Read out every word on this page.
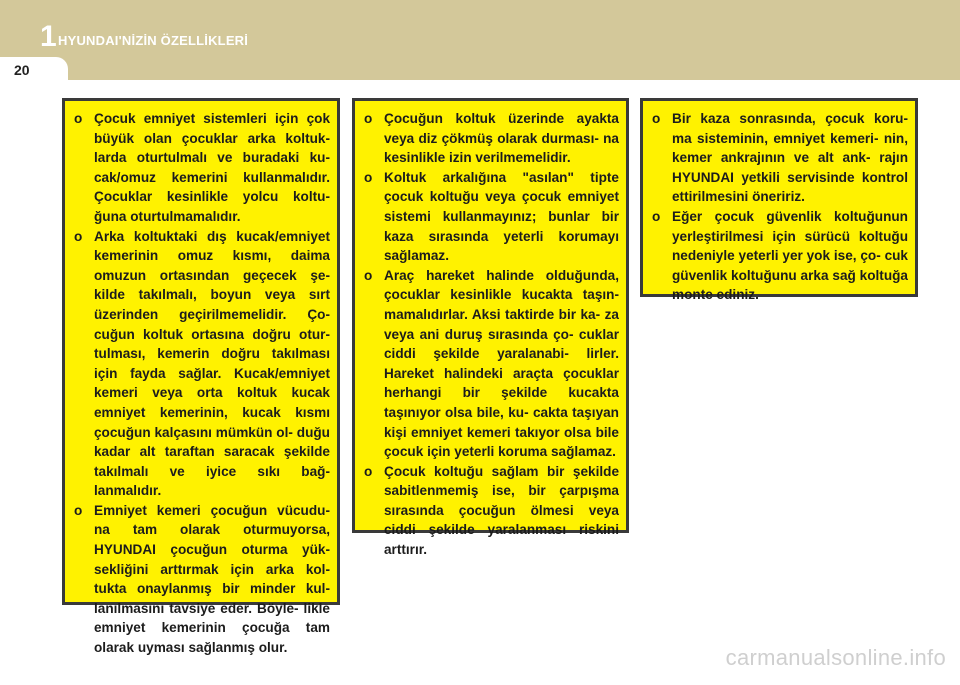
1 HYUNDAI'NİZİN ÖZELLİKLERİ
20
o Çocuk emniyet sistemleri için çok büyük olan çocuklar arka koltuk- larda oturtulmalı ve buradaki ku- cak/omuz kemerini kullanmalıdır. Çocuklar kesinlikle yolcu koltu- ğuna oturtulmamalıdır.
o Arka koltuktaki dış kucak/emniyet kemerinin omuz kısmı, daima omuzun ortasından geçecek şe- kilde takılmalı, boyun veya sırt üzerinden geçirilmemelidir. Ço- cuğun koltuk ortasına doğru otur- tulması, kemerin doğru takılması için fayda sağlar. Kucak/emniyet kemeri veya orta koltuk kucak emniyet kemerinin, kucak kısmı çocuğun kalçasını mümkün ol- duğu kadar alt taraftan saracak şekilde takılmalı ve iyice sıkı bağ- lanmalıdır.
o Emniyet kemeri çocuğun vücudu- na tam olarak oturmuyorsa, HYUNDAI çocuğun oturma yük- sekliğini arttırmak için arka kol- tukta onaylanmış bir minder kul- lanılmasını tavsiye eder. Böyle- likle emniyet kemerinin çocuğa tam olarak uyması sağlanmış olur.
o Çocuğun koltuk üzerinde ayakta veya diz çökmüş olarak durması- na kesinlikle izin verilmemelidir.
o Koltuk arkalığına "asılan" tipte çocuk koltuğu veya çocuk emniyet sistemi kullanmayınız; bunlar bir kaza sırasında yeterli korumayı sağlamaz.
o Araç hareket halinde olduğunda, çocuklar kesinlikle kucakta taşın- mamalıdırlar. Aksi taktirde bir ka- za veya ani duruş sırasında ço- cuklar ciddi şekilde yaralanabi- lirler. Hareket halindeki araçta çocuklar herhangi bir şekilde kucakta taşınıyor olsa bile, ku- cakta taşıyan kişi emniyet kemeri takıyor olsa bile çocuk için yeterli koruma sağlamaz.
o Çocuk koltuğu sağlam bir şekilde sabitlenmemiş ise, bir çarpışma sırasında çocuğun ölmesi veya ciddi şekilde yaralanması riskini arttırır.
o Bir kaza sonrasında, çocuk koru- ma sisteminin, emniyet kemeri- nin, kemer ankrajının ve alt ank- rajın HYUNDAI yetkili servisinde kontrol ettirilmesini öneririz.
o Eğer çocuk güvenlik koltuğunun yerleştirilmesi için sürücü koltuğu nedeniyle yeterli yer yok ise, ço- cuk güvenlik koltuğunu arka sağ koltuğa monte ediniz.
carmanualsonline.info
